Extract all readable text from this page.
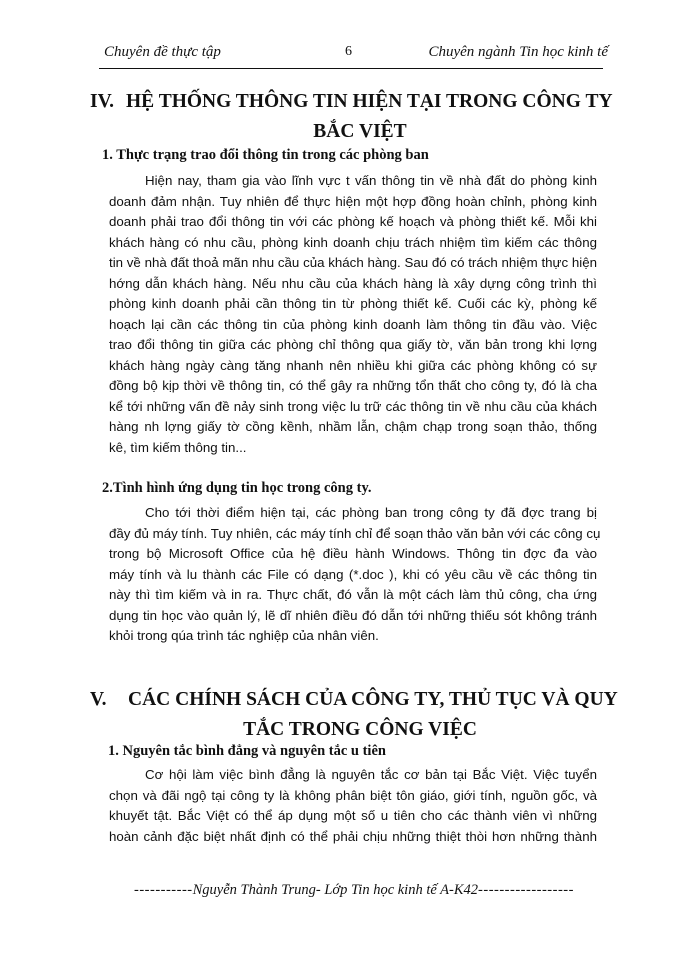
Chuyên đề thực tập	6	Chuyên ngành Tin học kinh tế
IV. HỆ THỐNG THÔNG TIN HIỆN TẠI TRONG CÔNG TY
BẮC VIỆT
1. Thực trạng trao đổi thông tin trong các phòng ban
Hiện nay, tham gia vào lĩnh vực t vấn thông tin về nhà đất do phòng kinh
doanh đảm nhận. Tuy nhiên để thực hiện một hợp đồng hoàn chỉnh, phòng kinh
doanh phải trao đổi thông tin với các phòng kế hoạch và phòng thiết kế. Mỗi khi
khách hàng có nhu cầu, phòng kinh doanh chịu trách nhiệm tìm kiếm các thông
tin về nhà đất thoả mãn nhu cầu của khách hàng. Sau đó có trách nhiệm thực hiện
hớng dẫn khách hàng. Nếu nhu cầu của khách hàng là xây dựng công trình thì
phòng kinh doanh phải cần thông tin từ phòng thiết kế. Cuối các kỳ, phòng kế
hoạch lại cần các thông tin của phòng kinh doanh làm thông tin đầu vào. Việc
trao đổi thông tin giữa các phòng chỉ thông qua giấy tờ, văn bản trong khi lợng
khách hàng ngày càng tăng nhanh nên nhiều khi giữa các phòng không có sự
đồng bộ kịp thời về thông tin, có thể gây ra những tổn thất cho công ty, đó là cha
kể tới những vấn đề nảy sinh trong việc lu trữ các thông tin về nhu cầu của khách
hàng nh lợng giấy tờ cồng kềnh, nhầm lẫn, chậm chạp trong soạn thảo, thống
kê, tìm kiếm thông tin...
2.Tình hình ứng dụng tin học trong công ty.
Cho tới thời điểm hiện tại, các phòng ban trong công ty đã đợc trang bị
đầy đủ máy tính. Tuy nhiên, các máy tính chỉ để soạn thảo văn bản với các công cụ
trong bộ Microsoft Office của hệ điều hành Windows. Thông tin đợc đa vào
máy tính và lu thành các File có dạng (*.doc ), khi có yêu cầu về các thông tin
này thì tìm kiếm và in ra. Thực chất, đó vẫn là một cách làm thủ công, cha ứng
dụng tin học vào quản lý, lẽ dĩ nhiên điều đó dẫn tới những thiếu sót không tránh
khỏi trong qúa trình tác nghiệp của nhân viên.
V. CÁC CHÍNH SÁCH CỦA CÔNG TY, THỦ TỤC VÀ QUY
TẮC TRONG CÔNG VIỆC
1. Nguyên tắc bình đẳng và nguyên tắc u tiên
Cơ hội làm việc bình đẳng là nguyên tắc cơ bản tại Bắc Việt. Việc tuyển
chọn và đãi ngộ tại công ty là không phân biệt tôn giáo, giới tính, nguồn gốc, và
khuyết tật. Bắc Việt có thể áp dụng một số u tiên cho các thành viên vì những
hoàn cảnh đặc biệt nhất định có thể phải chịu những thiệt thòi hơn những thành
-----------Nguyễn Thành Trung- Lớp Tin học kinh tế A-K42------------------
